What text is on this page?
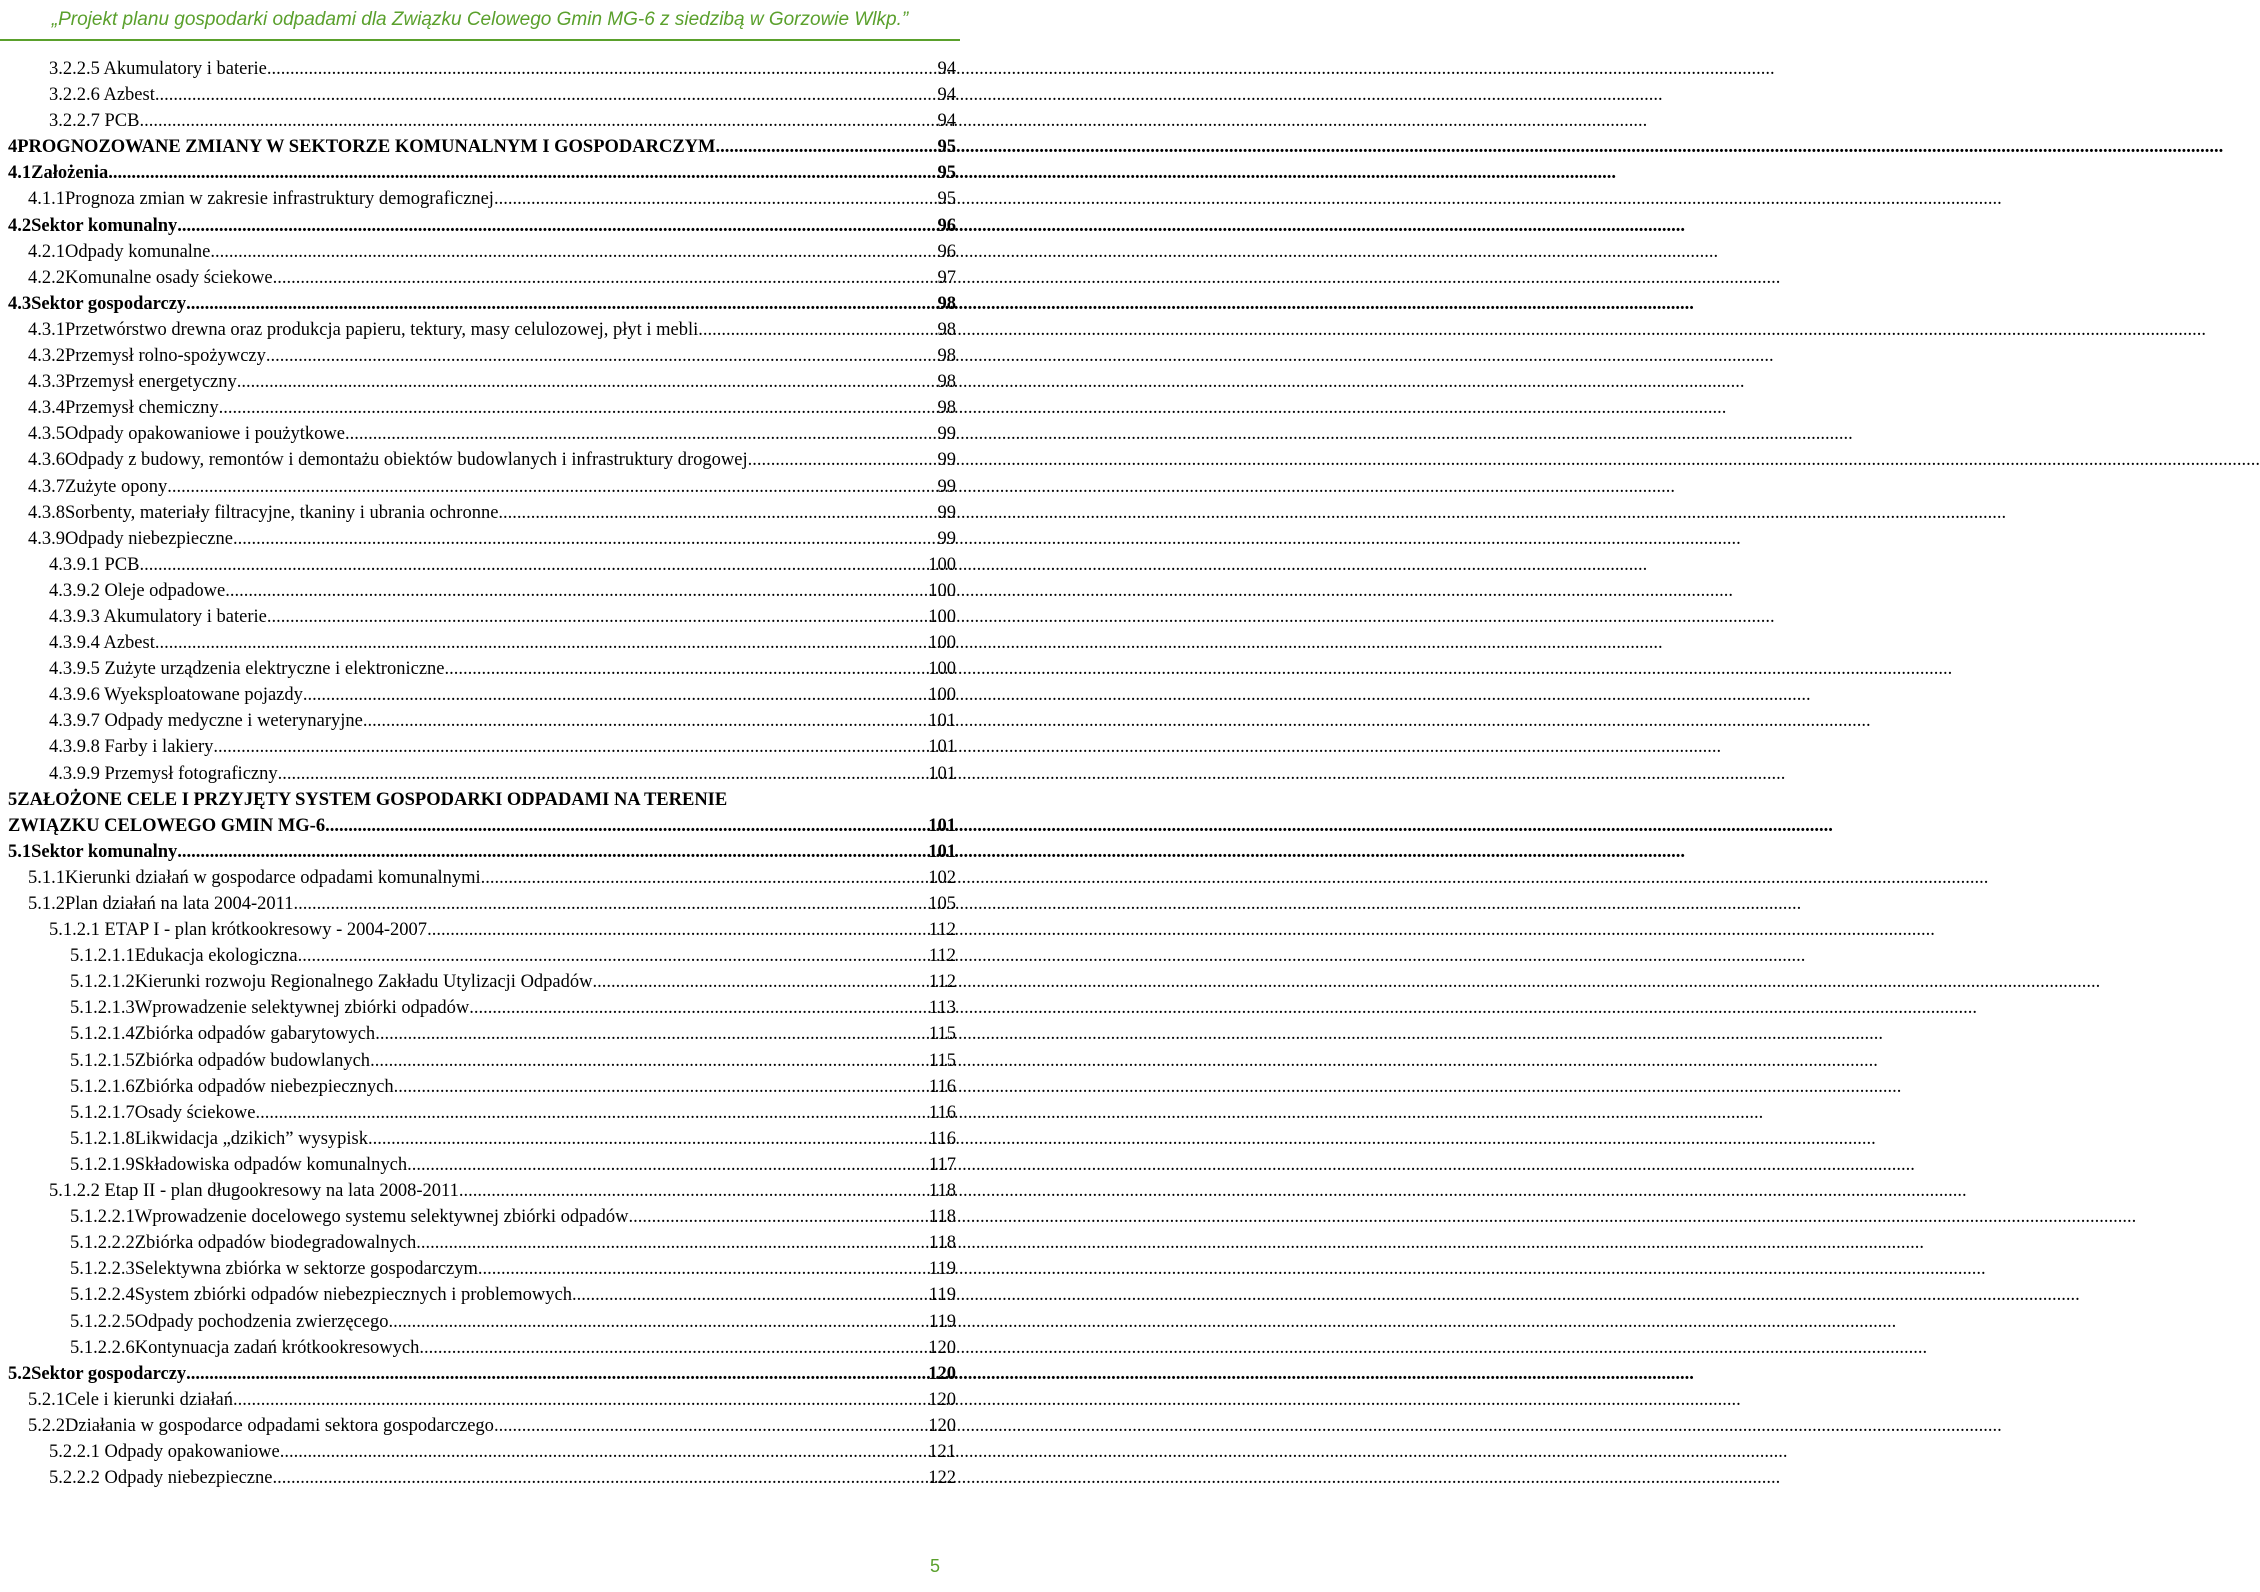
„Projekt planu gospodarki odpadami dla Związku Celowego Gmin MG-6 z siedzibą w Gorzowie Wlkp.”
3.2.2.5 Akumulatory i baterie .....	94
3.2.2.6 Azbest .....	94
3.2.2.7 PCB .....	94
4PROGNOZOWANE ZMIANY W SEKTORZE KOMUNALNYM I GOSPODARCZYM .....	95
4.1Założenia .....	95
4.1.1Prognoza zmian w zakresie infrastruktury demograficznej .....	95
4.2Sektor komunalny .....	96
4.2.1Odpady komunalne .....	96
4.2.2Komunalne osady ściekowe .....	97
4.3Sektor gospodarczy .....	98
4.3.1Przetwórstwo drewna oraz produkcja papieru, tektury, masy celulozowej, płyt i mebli .....	98
4.3.2Przemysł rolno-spożywczy .....	98
4.3.3Przemysł energetyczny .....	98
4.3.4Przemysł chemiczny .....	98
4.3.5Odpady opakowaniowe i poużytkowe .....	99
4.3.6Odpady z budowy, remontów i demontażu obiektów budowlanych i infrastruktury drogowej. .....	99
4.3.7Zużyte opony .....	99
4.3.8Sorbenty, materiały filtracyjne, tkaniny i ubrania ochronne .....	99
4.3.9Odpady niebezpieczne .....	99
4.3.9.1 PCB .....	100
4.3.9.2 Oleje odpadowe .....	100
4.3.9.3 Akumulatory i baterie .....	100
4.3.9.4 Azbest .....	100
4.3.9.5 Zużyte urządzenia elektryczne i elektroniczne .....	100
4.3.9.6 Wyeksploatowane pojazdy .....	100
4.3.9.7 Odpady medyczne i weterynaryjne .....	101
4.3.9.8 Farby i lakiery .....	101
4.3.9.9 Przemysł fotograficzny .....	101
5ZAŁOŻONE CELE I PRZYJĘTY SYSTEM GOSPODARKI ODPADAMI NA TERENIE
ZWIĄZKU CELOWEGO GMIN MG-6 .....	101
5.1Sektor komunalny .....	101
5.1.1Kierunki działań w gospodarce odpadami komunalnymi .....	102
5.1.2Plan działań na lata 2004-2011 .....	105
5.1.2.1 ETAP I - plan krótkookresowy - 2004-2007 .....	112
5.1.2.1.1Edukacja ekologiczna .....	112
5.1.2.1.2Kierunki rozwoju Regionalnego Zakładu Utylizacji Odpadów .....	112
5.1.2.1.3Wprowadzenie selektywnej zbiórki odpadów .....	113
5.1.2.1.4Zbiórka odpadów gabarytowych .....	115
5.1.2.1.5Zbiórka odpadów budowlanych .....	115
5.1.2.1.6Zbiórka odpadów niebezpiecznych .....	116
5.1.2.1.7Osady ściekowe .....	116
5.1.2.1.8Likwidacja „dzikich” wysypisk .....	116
5.1.2.1.9Składowiska odpadów komunalnych .....	117
5.1.2.2 Etap II - plan długookresowy na lata 2008-2011 .....	118
5.1.2.2.1Wprowadzenie docelowego systemu selektywnej zbiórki odpadów .....	118
5.1.2.2.2Zbiórka odpadów biodegradowalnych .....	118
5.1.2.2.3Selektywna zbiórka w sektorze gospodarczym .....	119
5.1.2.2.4System zbiórki odpadów niebezpiecznych i problemowych .....	119
5.1.2.2.5Odpady pochodzenia zwierzęcego .....	119
5.1.2.2.6Kontynuacja zadań krótkookresowych .....	120
5.2Sektor gospodarczy .....	120
5.2.1Cele i kierunki działań .....	120
5.2.2Działania w gospodarce odpadami sektora gospodarczego .....	120
5.2.2.1 Odpady opakowaniowe .....	121
5.2.2.2 Odpady niebezpieczne .....	122
5
